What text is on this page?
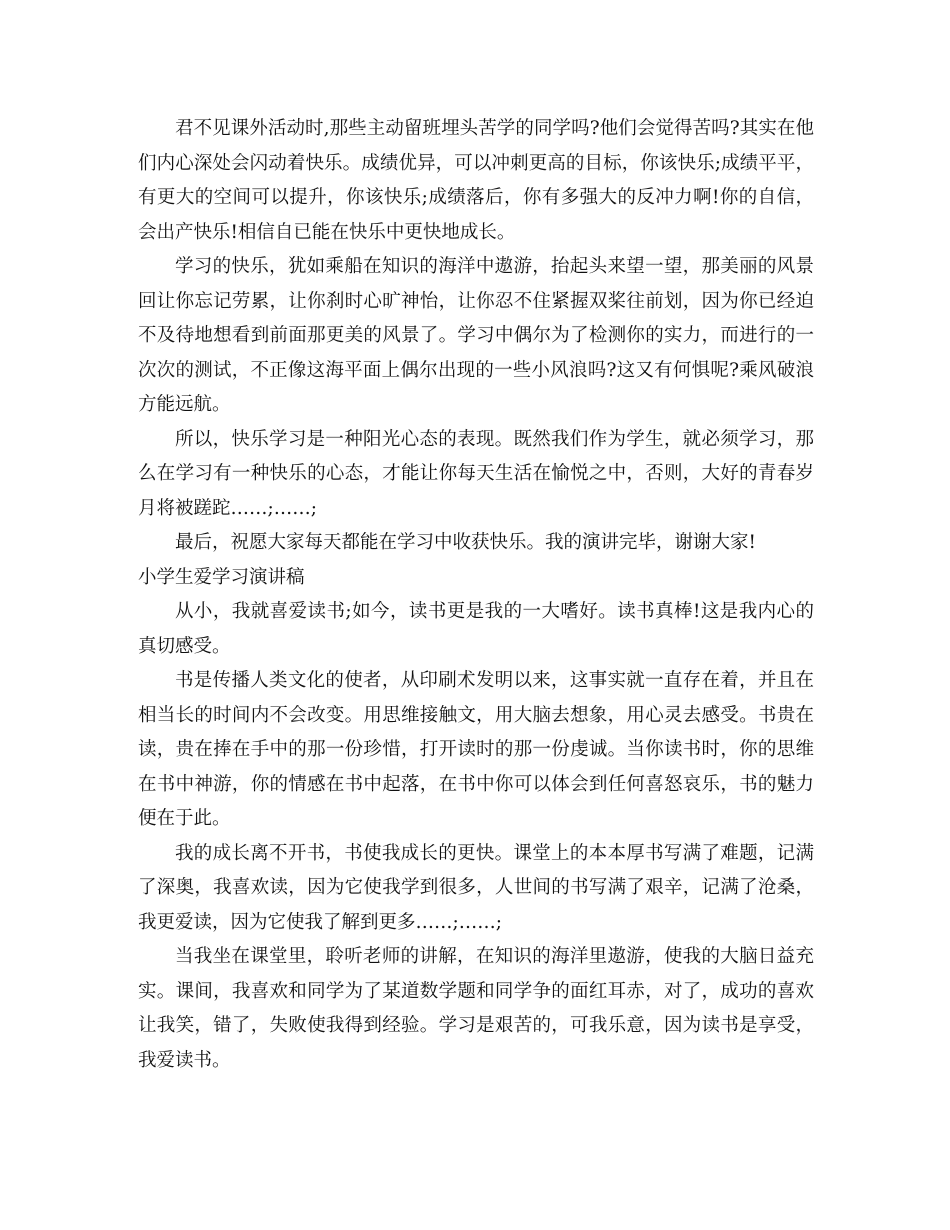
君不见课外活动时,那些主动留班埋头苦学的同学吗?他们会觉得苦吗?其实在他们内心深处会闪动着快乐。成绩优异，可以冲刺更高的目标，你该快乐;成绩平平，有更大的空间可以提升，你该快乐;成绩落后，你有多强大的反冲力啊!你的自信，会出产快乐!相信自已能在快乐中更快地成长。

学习的快乐，犹如乘船在知识的海洋中遨游，抬起头来望一望，那美丽的风景回让你忘记劳累，让你刹时心旷神怡，让你忍不住紧握双桨往前划，因为你已经迫不及待地想看到前面那更美的风景了。学习中偶尔为了检测你的实力，而进行的一次次的测试，不正像这海平面上偶尔出现的一些小风浪吗?这又有何惧呢?乘风破浪方能远航。

所以，快乐学习是一种阳光心态的表现。既然我们作为学生，就必须学习，那么在学习有一种快乐的心态，才能让你每天生活在愉悦之中，否则，大好的青春岁月将被蹉跎……;……;

最后，祝愿大家每天都能在学习中收获快乐。我的演讲完毕，谢谢大家!

小学生爱学习演讲稿

从小，我就喜爱读书;如今，读书更是我的一大嗜好。读书真棒!这是我内心的真切感受。

书是传播人类文化的使者，从印刷术发明以来，这事实就一直存在着，并且在相当长的时间内不会改变。用思维接触文，用大脑去想象，用心灵去感受。书贵在读，贵在捧在手中的那一份珍惜，打开读时的那一份虔诚。当你读书时，你的思维在书中神游，你的情感在书中起落，在书中你可以体会到任何喜怒哀乐，书的魅力便在于此。

我的成长离不开书，书使我成长的更快。课堂上的本本厚书写满了难题，记满了深奥，我喜欢读，因为它使我学到很多，人世间的书写满了艰辛，记满了沧桑，我更爱读，因为它使我了解到更多……;……;

当我坐在课堂里，聆听老师的讲解，在知识的海洋里遨游，使我的大脑日益充实。课间，我喜欢和同学为了某道数学题和同学争的面红耳赤，对了，成功的喜欢让我笑，错了，失败使我得到经验。学习是艰苦的，可我乐意，因为读书是享受，我爱读书。
